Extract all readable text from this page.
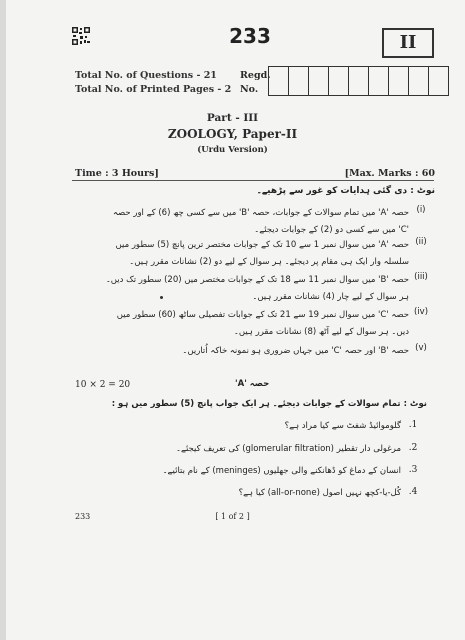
233	II
Total No. of Questions - 21
Total No. of Printed Pages - 2
Regd.
No.
Part - III
ZOOLOGY, Paper-II
(Urdu Version)
Time : 3 Hours]	[Max. Marks : 60
نوٹ : دی گئی ہدایات کو غور سے پڑھیے۔
(i)
حصہ 'A' میں تمام سوالات کے جوابات، حصہ 'B' میں سے کسی چھ (6) کے اور حصہ 'C' میں سے کسی دو (2) کے جوابات دیجئے۔
(ii)
حصہ 'A' میں سوال نمبر 1 سے 10 تک کے جوابات مختصر ترین پانچ (5) سطور میں سلسلہ وار ایک ہی مقام پر دیجئے۔ ہر سوال کے لیے دو (2) نشانات مقرر ہیں۔
(iii)
حصہ 'B' میں سوال نمبر 11 سے 18 تک کے جوابات مختصر میں (20) سطور تک دیں۔ ہر سوال کے لیے چار (4) نشانات مقرر ہیں۔
(iv)
حصہ 'C' میں سوال نمبر 19 سے 21 تک کے جوابات تفصیلی ساٹھ (60) سطور میں دیں۔ ہر سوال کے لیے آٹھ (8) نشانات مقرر ہیں۔
(v)
حصہ 'B' اور حصہ 'C' میں جہاں ضروری ہو نمونہ خاکہ اُتاریں۔
10 × 2 = 20	حصہ 'A'
نوٹ : تمام سوالات کے جوابات دیجئے۔ ہر ایک جواب پانچ (5) سطور میں ہو :
.1
گلوموائیڈ شفٹ سے کیا مراد ہے؟
.2
مرغولی دار تقطیر (glomerular filtration) کی تعریف کیجئے۔
.3
انسان کے دماغ کو ڈھانکنے والی جھلیوں (meninges) کے نام بتائیے۔
.4
کُل-یا-کچھ نہیں اصول (all-or-none) کیا ہے؟
233	[ 1 of 2 ]
